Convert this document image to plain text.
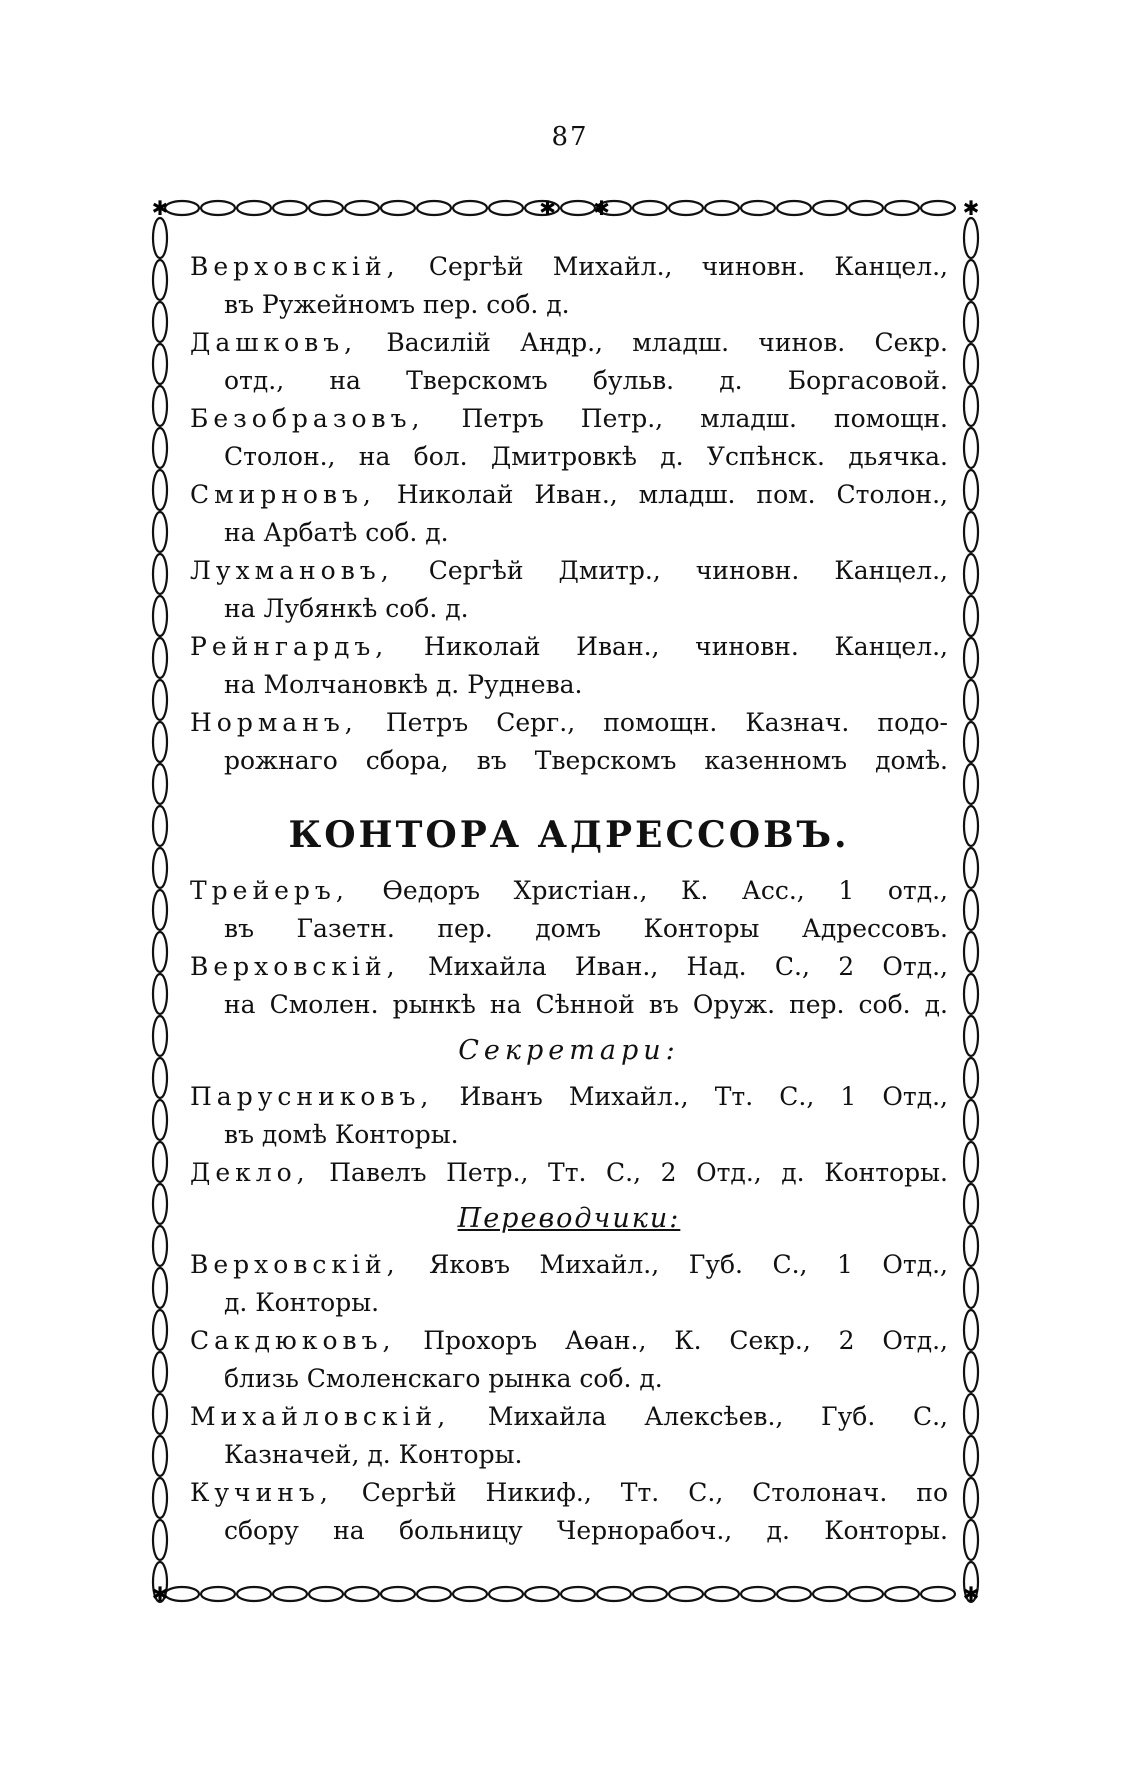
87
✱	✱
✱	✱
✱ ✱

Верховскій, Сергѣй Михайл., чиновн. Канцел.,
въ Ружейномъ пер. соб. д.

Дашковъ, Василій Андр., младш. чинов. Секр.
отд., на Тверскомъ бульв. д. Боргасовой.

Безобразовъ, Петръ Петр., младш. помощн.
Столон., на бол. Дмитровкѣ д. Успѣнск. дьячка.

Смирновъ, Николай Иван., младш. пом. Столон.,
на Арбатѣ соб. д.

Лухмановъ, Сергѣй Дмитр., чиновн. Канцел.,
на Лубянкѣ соб. д.

Рейнгардъ, Николай Иван., чиновн. Канцел.,
на Молчановкѣ д. Руднева.

Норманъ, Петръ Серг., помощн. Казнач. подо-
рожнаго сбора, въ Тверскомъ казенномъ домѣ.

КОНТОРА АДРЕССОВЪ.

Трейеръ, Өедоръ Христіан., К. Асс., 1 отд.,
въ Газетн. пер. домъ Конторы Адрессовъ.

Верховскій, Михайла Иван., Над. С., 2 Отд.,
на Смолен. рынкѣ на Сѣнной въ Оруж. пер. соб. д.

Секретари:

Парусниковъ, Иванъ Михайл., Тт. С., 1 Отд.,
въ домѣ Конторы.

Декло, Павелъ Петр., Тт. С., 2 Отд., д. Конторы.

Переводчики:

Верховскій, Яковъ Михайл., Губ. С., 1 Отд.,
д. Конторы.

Сакдюковъ, Прохоръ Аөан., К. Секр., 2 Отд.,
близь Смоленскаго рынка соб. д.

Михайловскій, Михайла Алексѣев., Губ. С.,
Казначей, д. Конторы.

Кучинъ, Сергѣй Никиф., Тт. С., Столонач. по
сбору на больницу Чернорабоч., д. Конторы.
